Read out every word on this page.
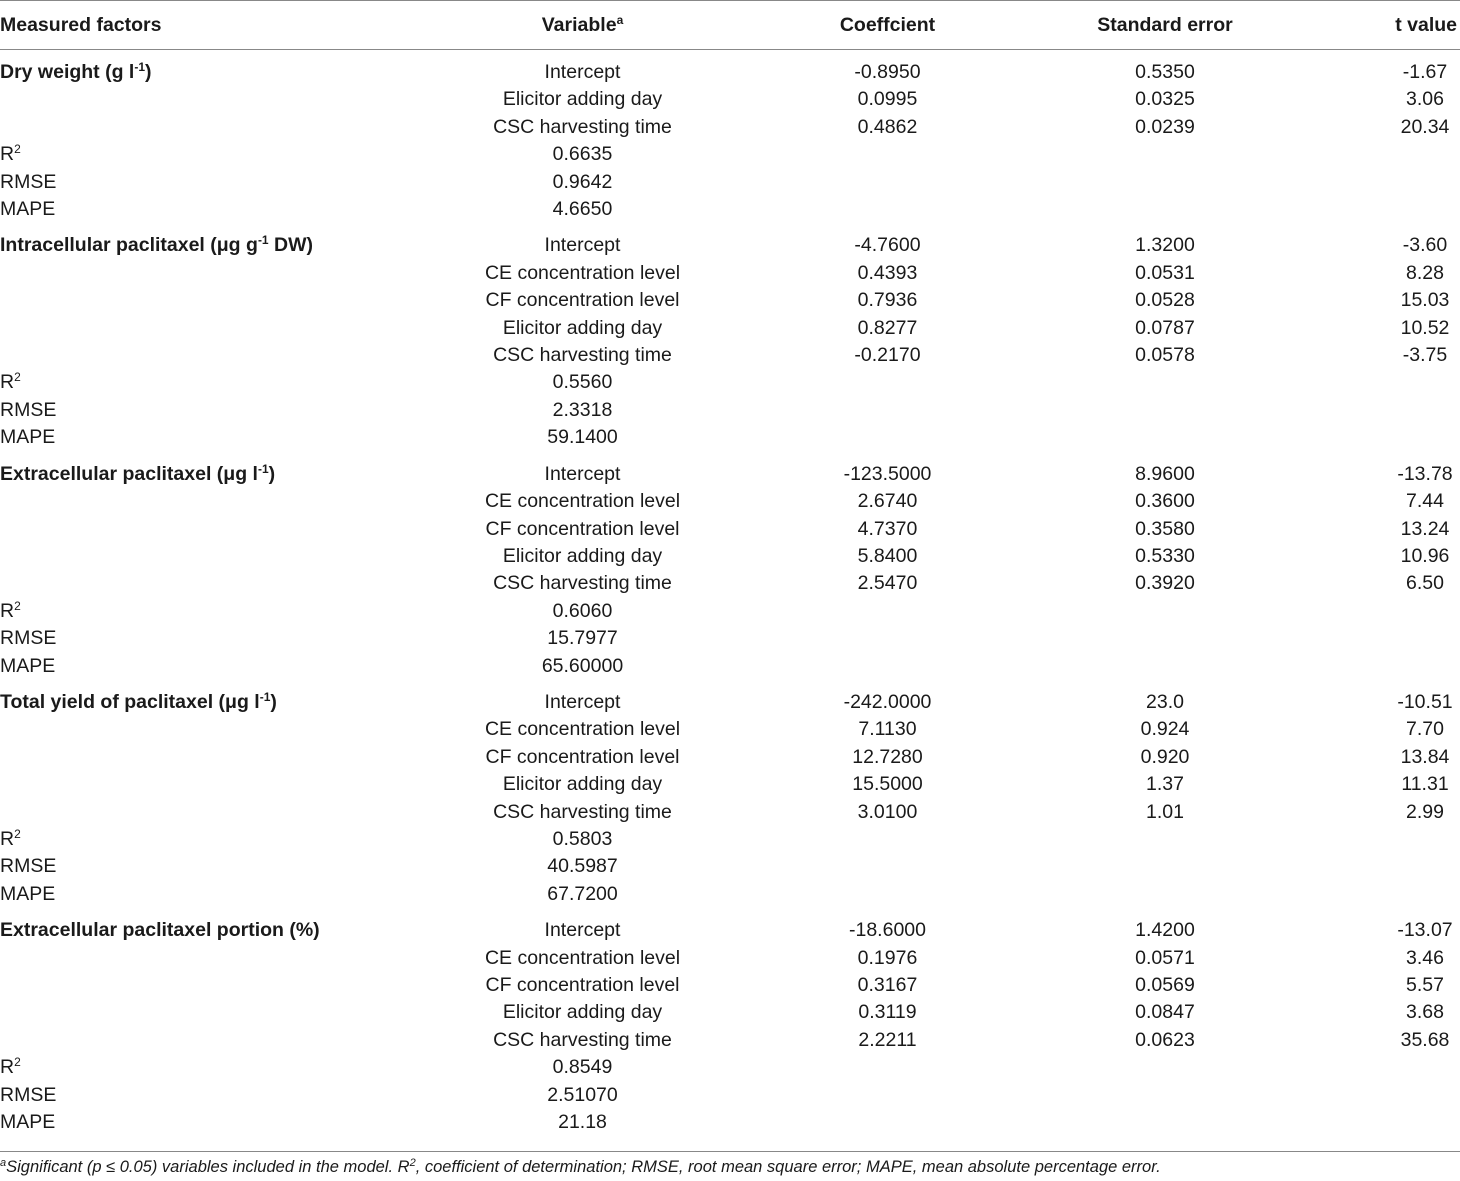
Measured factors	Variable$^a$	Coeffcient	Standard error	t value
Dry weight (g $l^{-1}$)	Intercept	-0.8950	0.5350	-1.67
	Elicitor adding day	0.0995	0.0325	3.06
	CSC harvesting time	0.4862	0.0239	20.34
$R^2$	0.6635			
RMSE	0.9642			
MAPE	4.6650			
Intracellular paclitaxel (μg $g^{-1}$ DW)	Intercept	-4.7600	1.3200	-3.60
	CE concentration level	0.4393	0.0531	8.28
	CF concentration level	0.7936	0.0528	15.03
	Elicitor adding day	0.8277	0.0787	10.52
	CSC harvesting time	-0.2170	0.0578	-3.75
$R^2$	0.5560			
RMSE	2.3318			
MAPE	59.1400			
Extracellular paclitaxel (μg $l^{-1}$)	Intercept	-123.5000	8.9600	-13.78
	CE concentration level	2.6740	0.3600	7.44
	CF concentration level	4.7370	0.3580	13.24
	Elicitor adding day	5.8400	0.5330	10.96
	CSC harvesting time	2.5470	0.3920	6.50
$R^2$	0.6060			
RMSE	15.7977			
MAPE	65.60000			
Total yield of paclitaxel (μg $l^{-1}$)	Intercept	-242.0000	23.0	-10.51
	CE concentration level	7.1130	0.924	7.70
	CF concentration level	12.7280	0.920	13.84
	Elicitor adding day	15.5000	1.37	11.31
	CSC harvesting time	3.0100	1.01	2.99
$R^2$	0.5803			
RMSE	40.5987			
MAPE	67.7200			
Extracellular paclitaxel portion (%)	Intercept	-18.6000	1.4200	-13.07
	CE concentration level	0.1976	0.0571	3.46
	CF concentration level	0.3167	0.0569	5.57
	Elicitor adding day	0.3119	0.0847	3.68
	CSC harvesting time	2.2211	0.0623	35.68
$R^2$	0.8549			
RMSE	2.51070			
MAPE	21.18			
$^a$Significant (p ≤ 0.05) variables included in the model. $R^2$, coefficient of determination; RMSE, root mean square error; MAPE, mean absolute percentage error.
